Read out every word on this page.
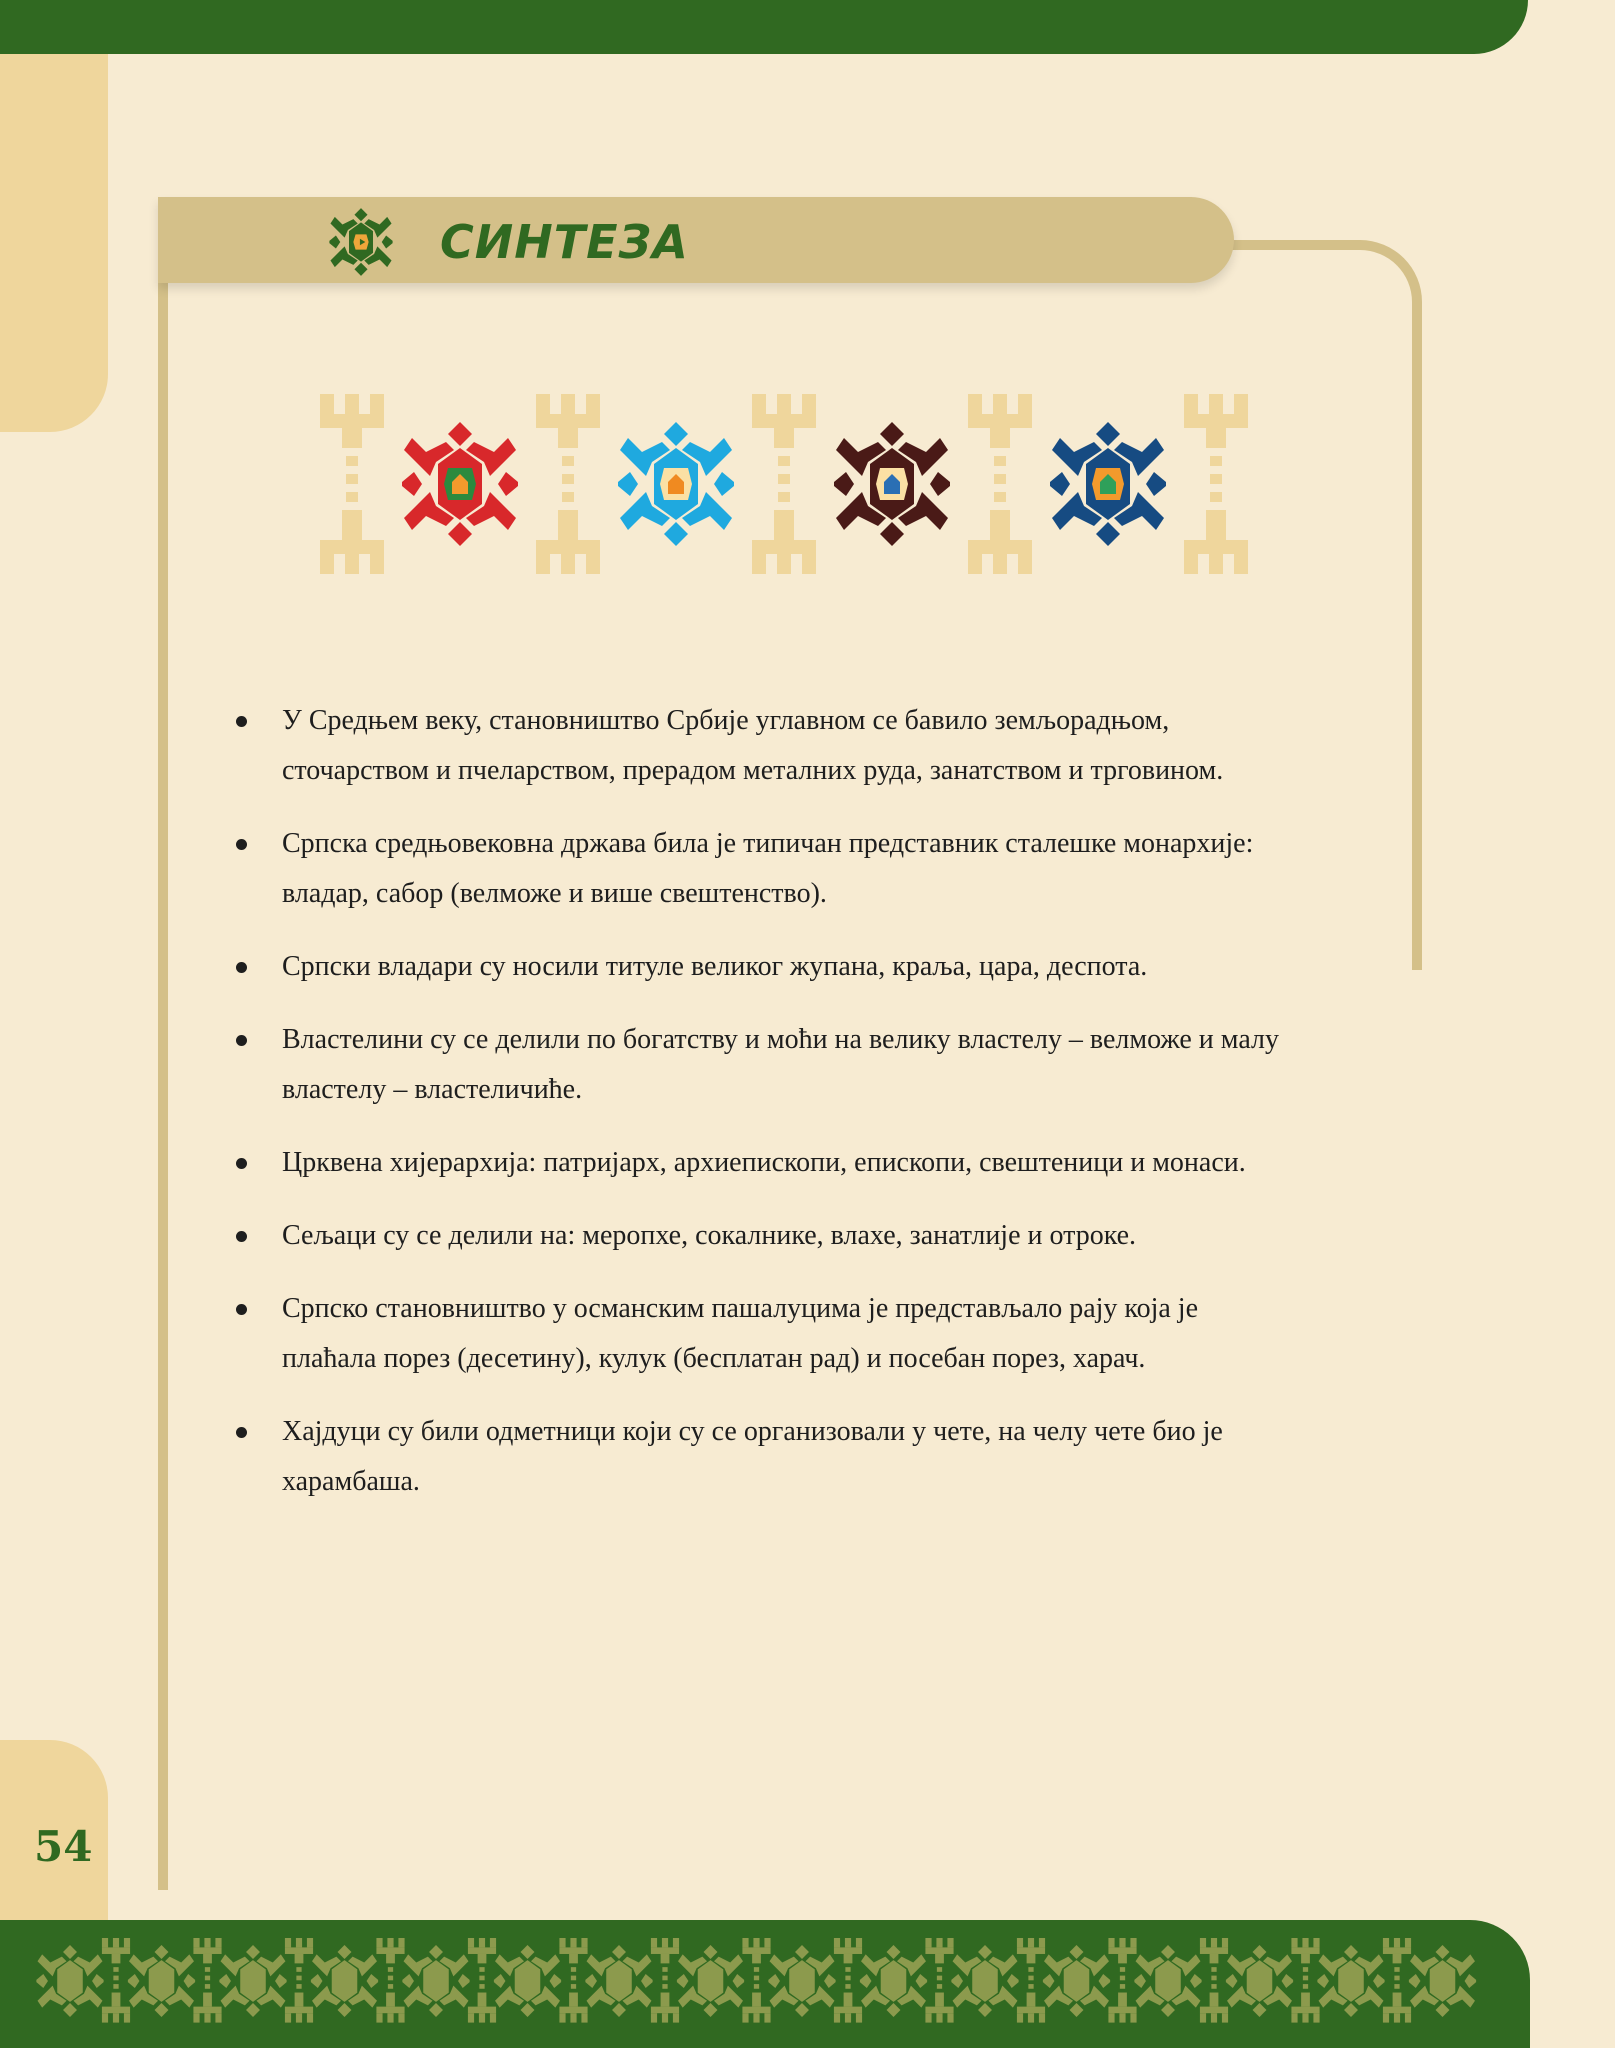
54
СИНТЕЗА
У Средњем веку, становништво Србије углавном се бавило земљорадњом, сточарством и пчеларством, прерадом металних руда, занатством и трговином.
Српска средњовековна држава била је типичан представник сталешке монархије: владар, сабор (велможе и више свештенство).
Српски владари су носили титуле великог жупана, краља, цара, деспота.
Властелини су се делили по богатству и моћи на велику властелу – велможе и малу властелу – властеличиће.
Црквена хијерархија: патријарх, архиепископи, епископи, свештеници и монаси.
Сељаци су се делили на: меропхе, сокалнике, влахе, занатлије и отроке.
Српско становништво у османским пашалуцима је представљало рају која је плаћала порез (десетину), кулук (бесплатан рад) и посебан порез, харач.
Хајдуци су били одметници који су се организовали у чете, на челу чете био је харамбаша.
